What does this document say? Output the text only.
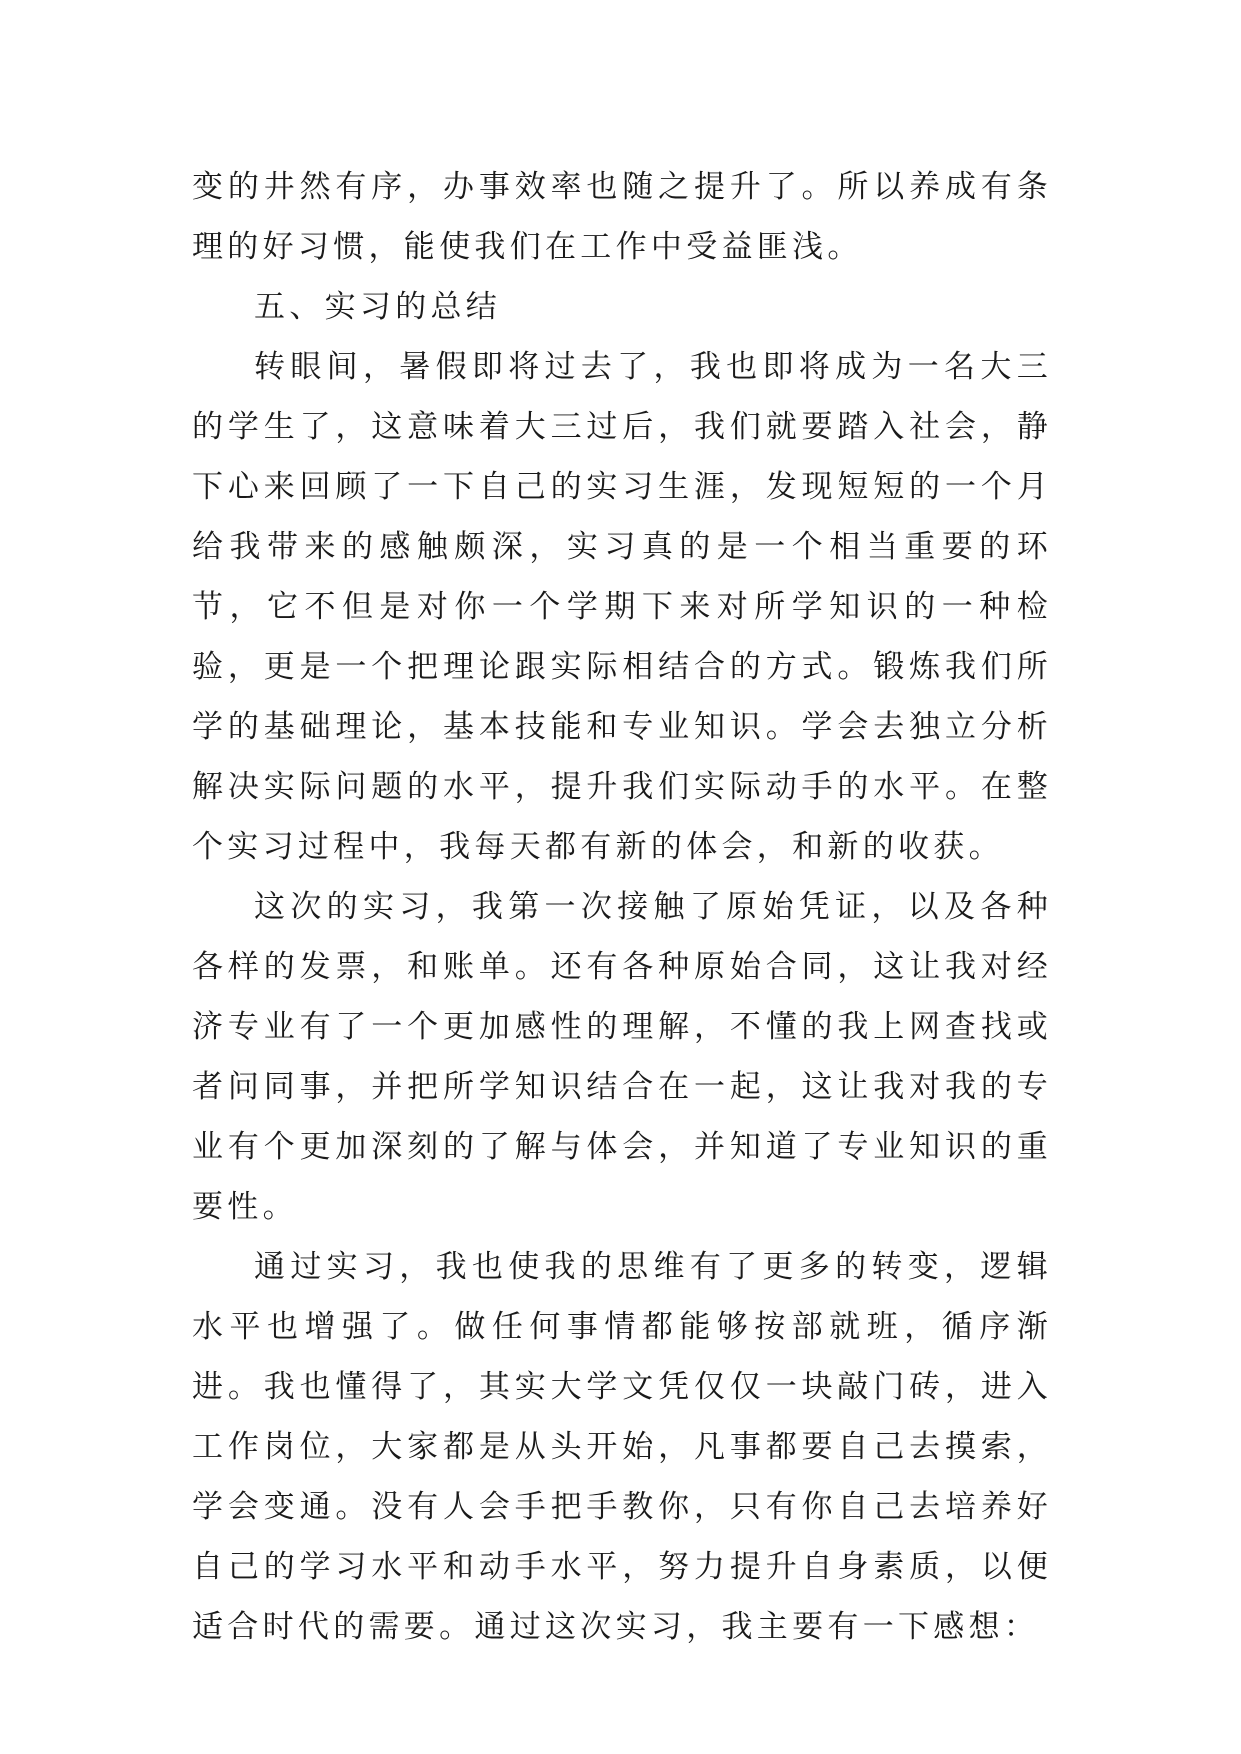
变的井然有序，办事效率也随之提升了。所以养成有条理的好习惯，能使我们在工作中受益匪浅。

五、实习的总结

转眼间，暑假即将过去了，我也即将成为一名大三的学生了，这意味着大三过后，我们就要踏入社会，静下心来回顾了一下自己的实习生涯，发现短短的一个月给我带来的感触颇深，实习真的是一个相当重要的环节，它不但是对你一个学期下来对所学知识的一种检验，更是一个把理论跟实际相结合的方式。锻炼我们所学的基础理论，基本技能和专业知识。学会去独立分析解决实际问题的水平，提升我们实际动手的水平。在整个实习过程中，我每天都有新的体会，和新的收获。

这次的实习，我第一次接触了原始凭证，以及各种各样的发票，和账单。还有各种原始合同，这让我对经济专业有了一个更加感性的理解，不懂的我上网查找或者问同事，并把所学知识结合在一起，这让我对我的专业有个更加深刻的了解与体会，并知道了专业知识的重要性。

通过实习，我也使我的思维有了更多的转变，逻辑水平也增强了。做任何事情都能够按部就班，循序渐进。我也懂得了，其实大学文凭仅仅一块敲门砖，进入工作岗位，大家都是从头开始，凡事都要自己去摸索，学会变通。没有人会手把手教你，只有你自己去培养好自己的学习水平和动手水平，努力提升自身素质，以便适合时代的需要。通过这次实习，我主要有一下感想：
